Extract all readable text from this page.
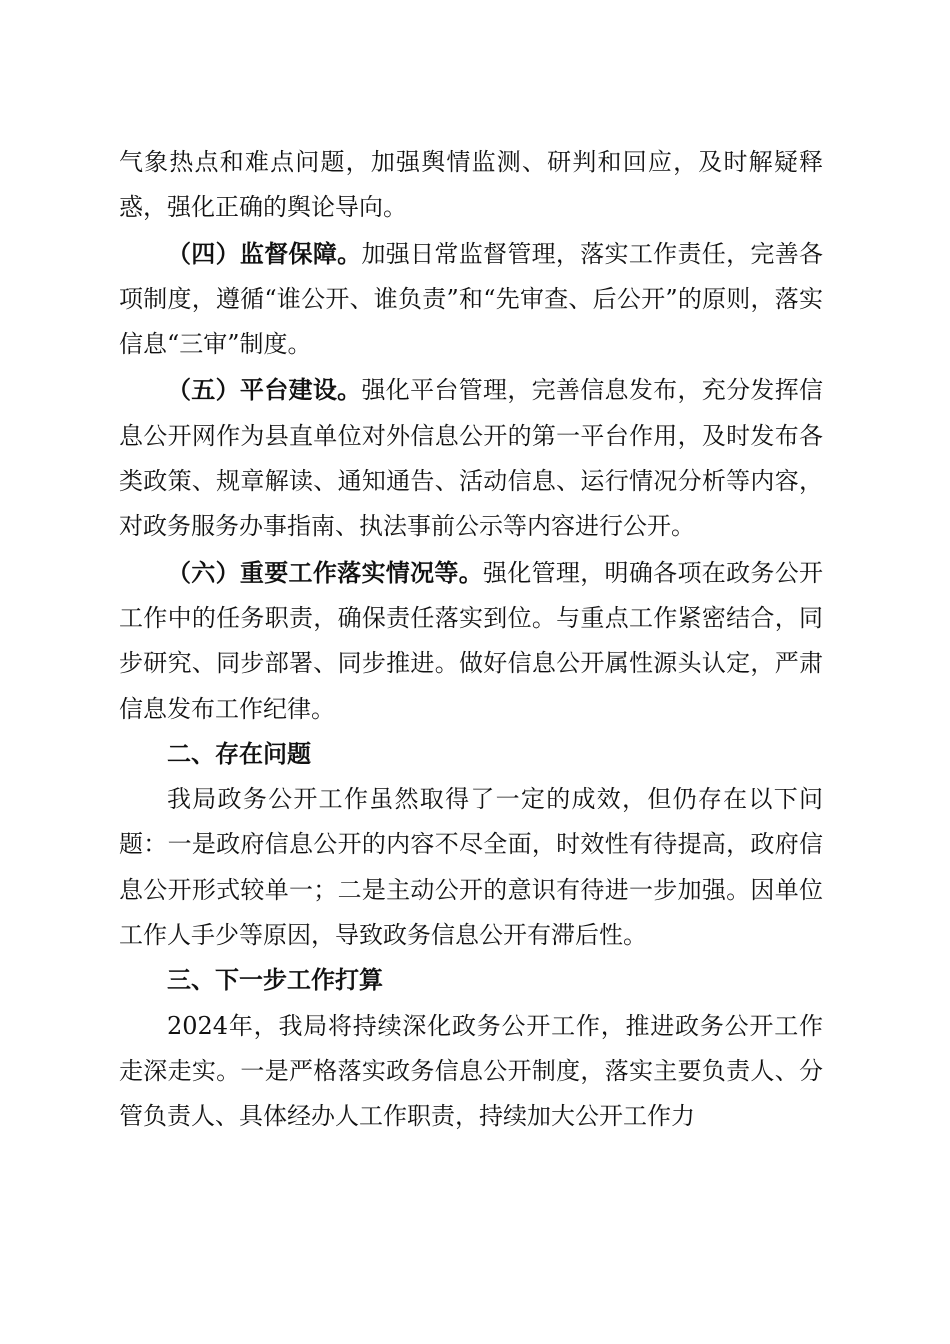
气象热点和难点问题，加强舆情监测、研判和回应，及时解疑释惑，强化正确的舆论导向。

（四）监督保障。加强日常监督管理，落实工作责任，完善各项制度，遵循“谁公开、谁负责”和“先审查、后公开”的原则，落实信息“三审”制度。

（五）平台建设。强化平台管理，完善信息发布，充分发挥信息公开网作为县直单位对外信息公开的第一平台作用，及时发布各类政策、规章解读、通知通告、活动信息、运行情况分析等内容，对政务服务办事指南、执法事前公示等内容进行公开。

（六）重要工作落实情况等。强化管理，明确各项在政务公开工作中的任务职责，确保责任落实到位。与重点工作紧密结合，同步研究、同步部署、同步推进。做好信息公开属性源头认定，严肃信息发布工作纪律。

二、存在问题

我局政务公开工作虽然取得了一定的成效，但仍存在以下问题：一是政府信息公开的内容不尽全面，时效性有待提高，政府信息公开形式较单一；二是主动公开的意识有待进一步加强。因单位工作人手少等原因，导致政务信息公开有滞后性。

三、下一步工作打算

2024年，我局将持续深化政务公开工作，推进政务公开工作走深走实。一是严格落实政务信息公开制度，落实主要负责人、分管负责人、具体经办人工作职责，持续加大公开工作力
